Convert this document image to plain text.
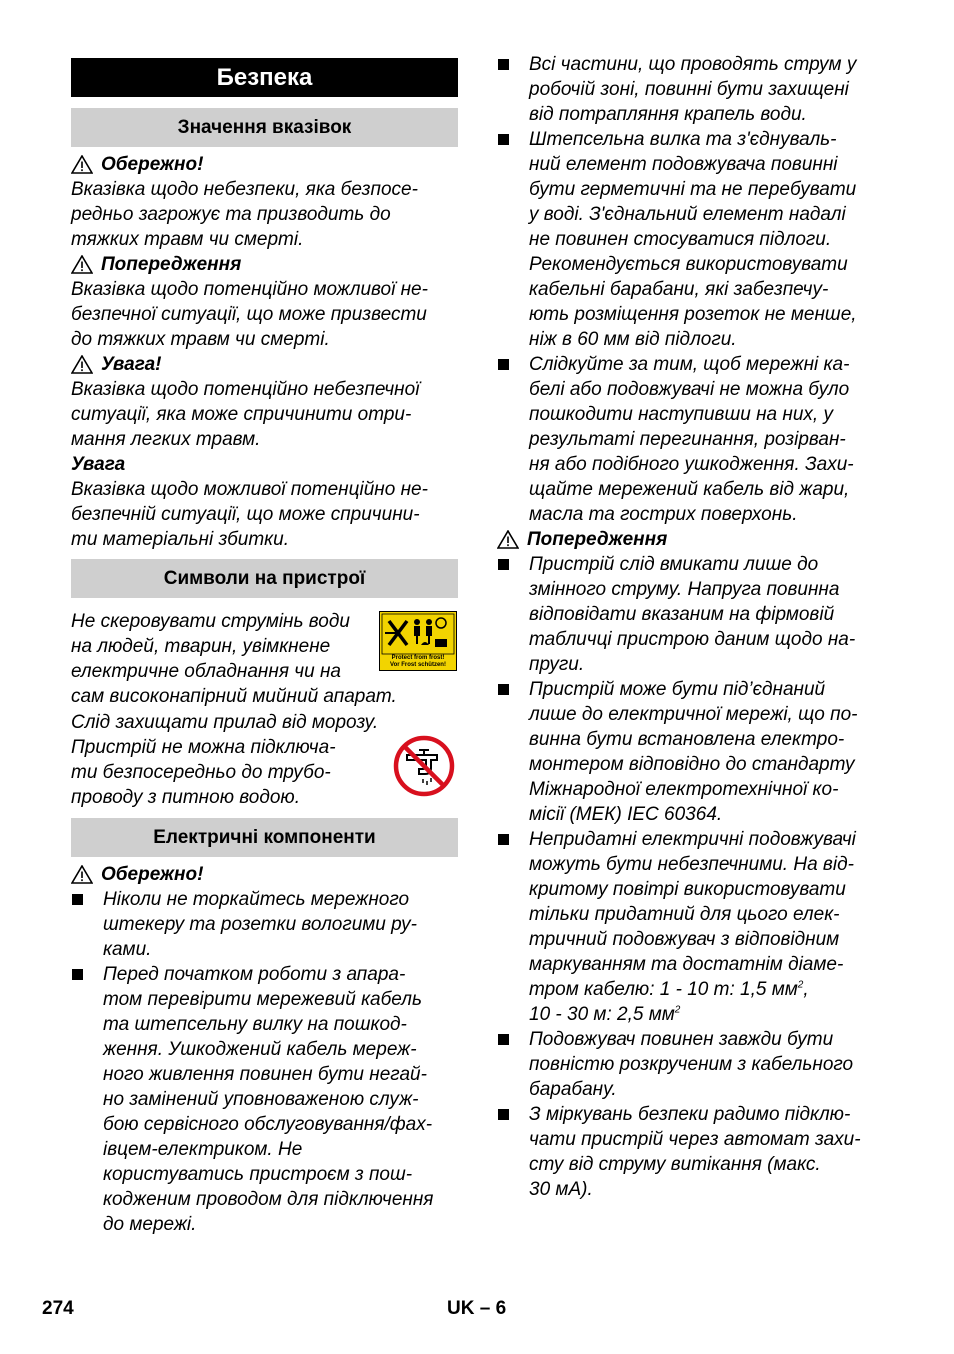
Безпека
Значення вказівок
Обережно!

Вказівка щодо небезпеки, яка безпосе-
редньо загрожує та призводить до
тяжких травм чи смерті.

Попередження

Вказівка щодо потенційно можливої не-
безпечної ситуації, що може призвести
до тяжких травм чи смерті.

Увага!

Вказівка щодо потенційно небезпечної
ситуації, яка може спричинити отри-
мання легких травм.

Увага

Вказівка щодо можливої потенційно не-
безпечній ситуації, що може спричини-
ти матеріальні збитки.

Символи на пристрої

Не скеровувати струмінь води
на людей, тварин, увімкнене
електричне обладнання чи на
сам високонапірний мийний апарат.

Protect from frost!
Vor Frost schützen!

Слід захищати прилад від морозу.

Пристрій не можна підключа-
ти безпосередньо до трубо-
проводу з питною водою.

Електричні компоненти
Обережно!
Ніколи не торкайтесь мережного
штекеру та розетки вологими ру-
ками.
Перед початком роботи з апара-
том перевірити мережевий кабель
та штепсельну вилку на пошкод-
ження. Ушкоджений кабель мереж-
ного живлення повинен бути негай-
но замінений уповноваженою служ-
бою сервісного обслуговування/фах-
івцем-електриком. Не
користуватись пристроєм з пош-
кодженим проводом для підключення
до мережі.
Всі частини, що проводять струм у
робочій зоні, повинні бути захищені
від потрапляння крапель води.
Штепсельна вилка та з'єднуваль-
ний елемент подовжувача повинні
бути герметичні та не перебувати
у воді. З'єднальний елемент надалі
не повинен стосуватися підлоги.
Рекомендується використовувати
кабельні барабани, які забезпечу-
ють розміщення розеток не менше,
ніж в 60 мм від підлоги.
Слідкуйте за тим, щоб мережні ка-
белі або подовжувачі не можна було
пошкодити наступивши на них, у
результаті перегинання, розірван-
ня або подібного ушкодження. Захи-
щайте мережений кабель від жари,
масла та гострих поверхонь.
Попередження
Пристрій слід вмикати лише до
змінного струму. Напруга повинна
відповідати вказаним на фірмовій
табличці пристрою даним щодо на-
пруги.
Пристрій може бути під’єднаний
лише до електричної мережі, що по-
винна бути встановлена електро-
монтером відповідно до стандарту
Міжнародної електротехнічної ко-
місії (МЕК) IEC 60364.
Непридатні електричні подовжувачі
можуть бути небезпечними. На від-
критому повітрі використовувати
тільки придатний для цього елек-
тричний подовжувач з відповідним
маркуванням та достатнім діаме-
тром кабелю: 1 - 10 m: 1,5 $мм^2$,
10 - 30 м: 2,5 $мм^2$
Подовжувач повинен завжди бути
повністю розкрученим з кабельного
барабану.
З міркувань безпеки радимо підклю-
чати пристрій через автомат захи-
сту від струму витікання (макс.
30 мА).
274	UK – 6
